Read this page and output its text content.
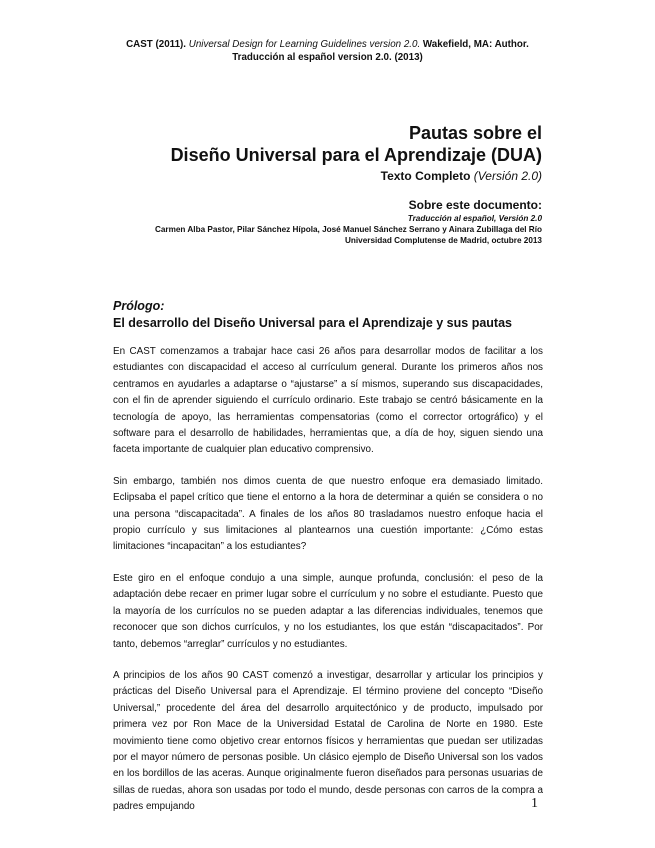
CAST (2011). Universal Design for Learning Guidelines version 2.0. Wakefield, MA: Author.
Traducción al español version 2.0. (2013)
Pautas sobre el
Diseño Universal para el Aprendizaje (DUA)
Texto Completo (Versión 2.0)
Sobre este documento:
Traducción al español, Versión 2.0
Carmen Alba Pastor, Pilar Sánchez Hípola, José Manuel Sánchez Serrano y Ainara Zubillaga del Río
Universidad Complutense de Madrid, octubre 2013
Prólogo:
El desarrollo del Diseño Universal para el Aprendizaje y sus pautas

En CAST comenzamos a trabajar hace casi 26 años para desarrollar modos de facilitar a los estudiantes con discapacidad el acceso al currículum general. Durante los primeros años nos centramos en ayudarles a adaptarse o “ajustarse” a sí mismos, superando sus discapacidades, con el fin de aprender siguiendo el currículo ordinario. Este trabajo se centró básicamente en la tecnología de apoyo, las herramientas compensatorias (como el corrector ortográfico) y el software para el desarrollo de habilidades, herramientas que, a día de hoy, siguen siendo una faceta importante de cualquier plan educativo comprensivo.

Sin embargo, también nos dimos cuenta de que nuestro enfoque era demasiado limitado. Eclipsaba el papel crítico que tiene el entorno a la hora de determinar a quién se considera o no una persona “discapacitada”. A finales de los años 80 trasladamos nuestro enfoque hacia el propio currículo y sus limitaciones al plantearnos una cuestión importante: ¿Cómo estas limitaciones “incapacitan” a los estudiantes?

Este giro en el enfoque condujo a una simple, aunque profunda, conclusión: el peso de la adaptación debe recaer en primer lugar sobre el currículum y no sobre el estudiante. Puesto que la mayoría de los currículos no se pueden adaptar a las diferencias individuales, tenemos que reconocer que son dichos currículos, y no los estudiantes, los que están “discapacitados”. Por tanto, debemos “arreglar” currículos y no estudiantes.

A principios de los años 90 CAST comenzó a investigar, desarrollar y articular los principios y prácticas del Diseño Universal para el Aprendizaje. El término proviene del concepto “Diseño Universal,” procedente del área del desarrollo arquitectónico y de producto, impulsado por primera vez por Ron Mace de la Universidad Estatal de Carolina de Norte en 1980. Este movimiento tiene como objetivo crear entornos físicos y herramientas que puedan ser utilizadas por el mayor número de personas posible. Un clásico ejemplo de Diseño Universal son los vados en los bordillos de las aceras. Aunque originalmente fueron diseñados para personas usuarias de sillas de ruedas, ahora son usadas por todo el mundo, desde personas con carros de la compra a padres empujando	1
